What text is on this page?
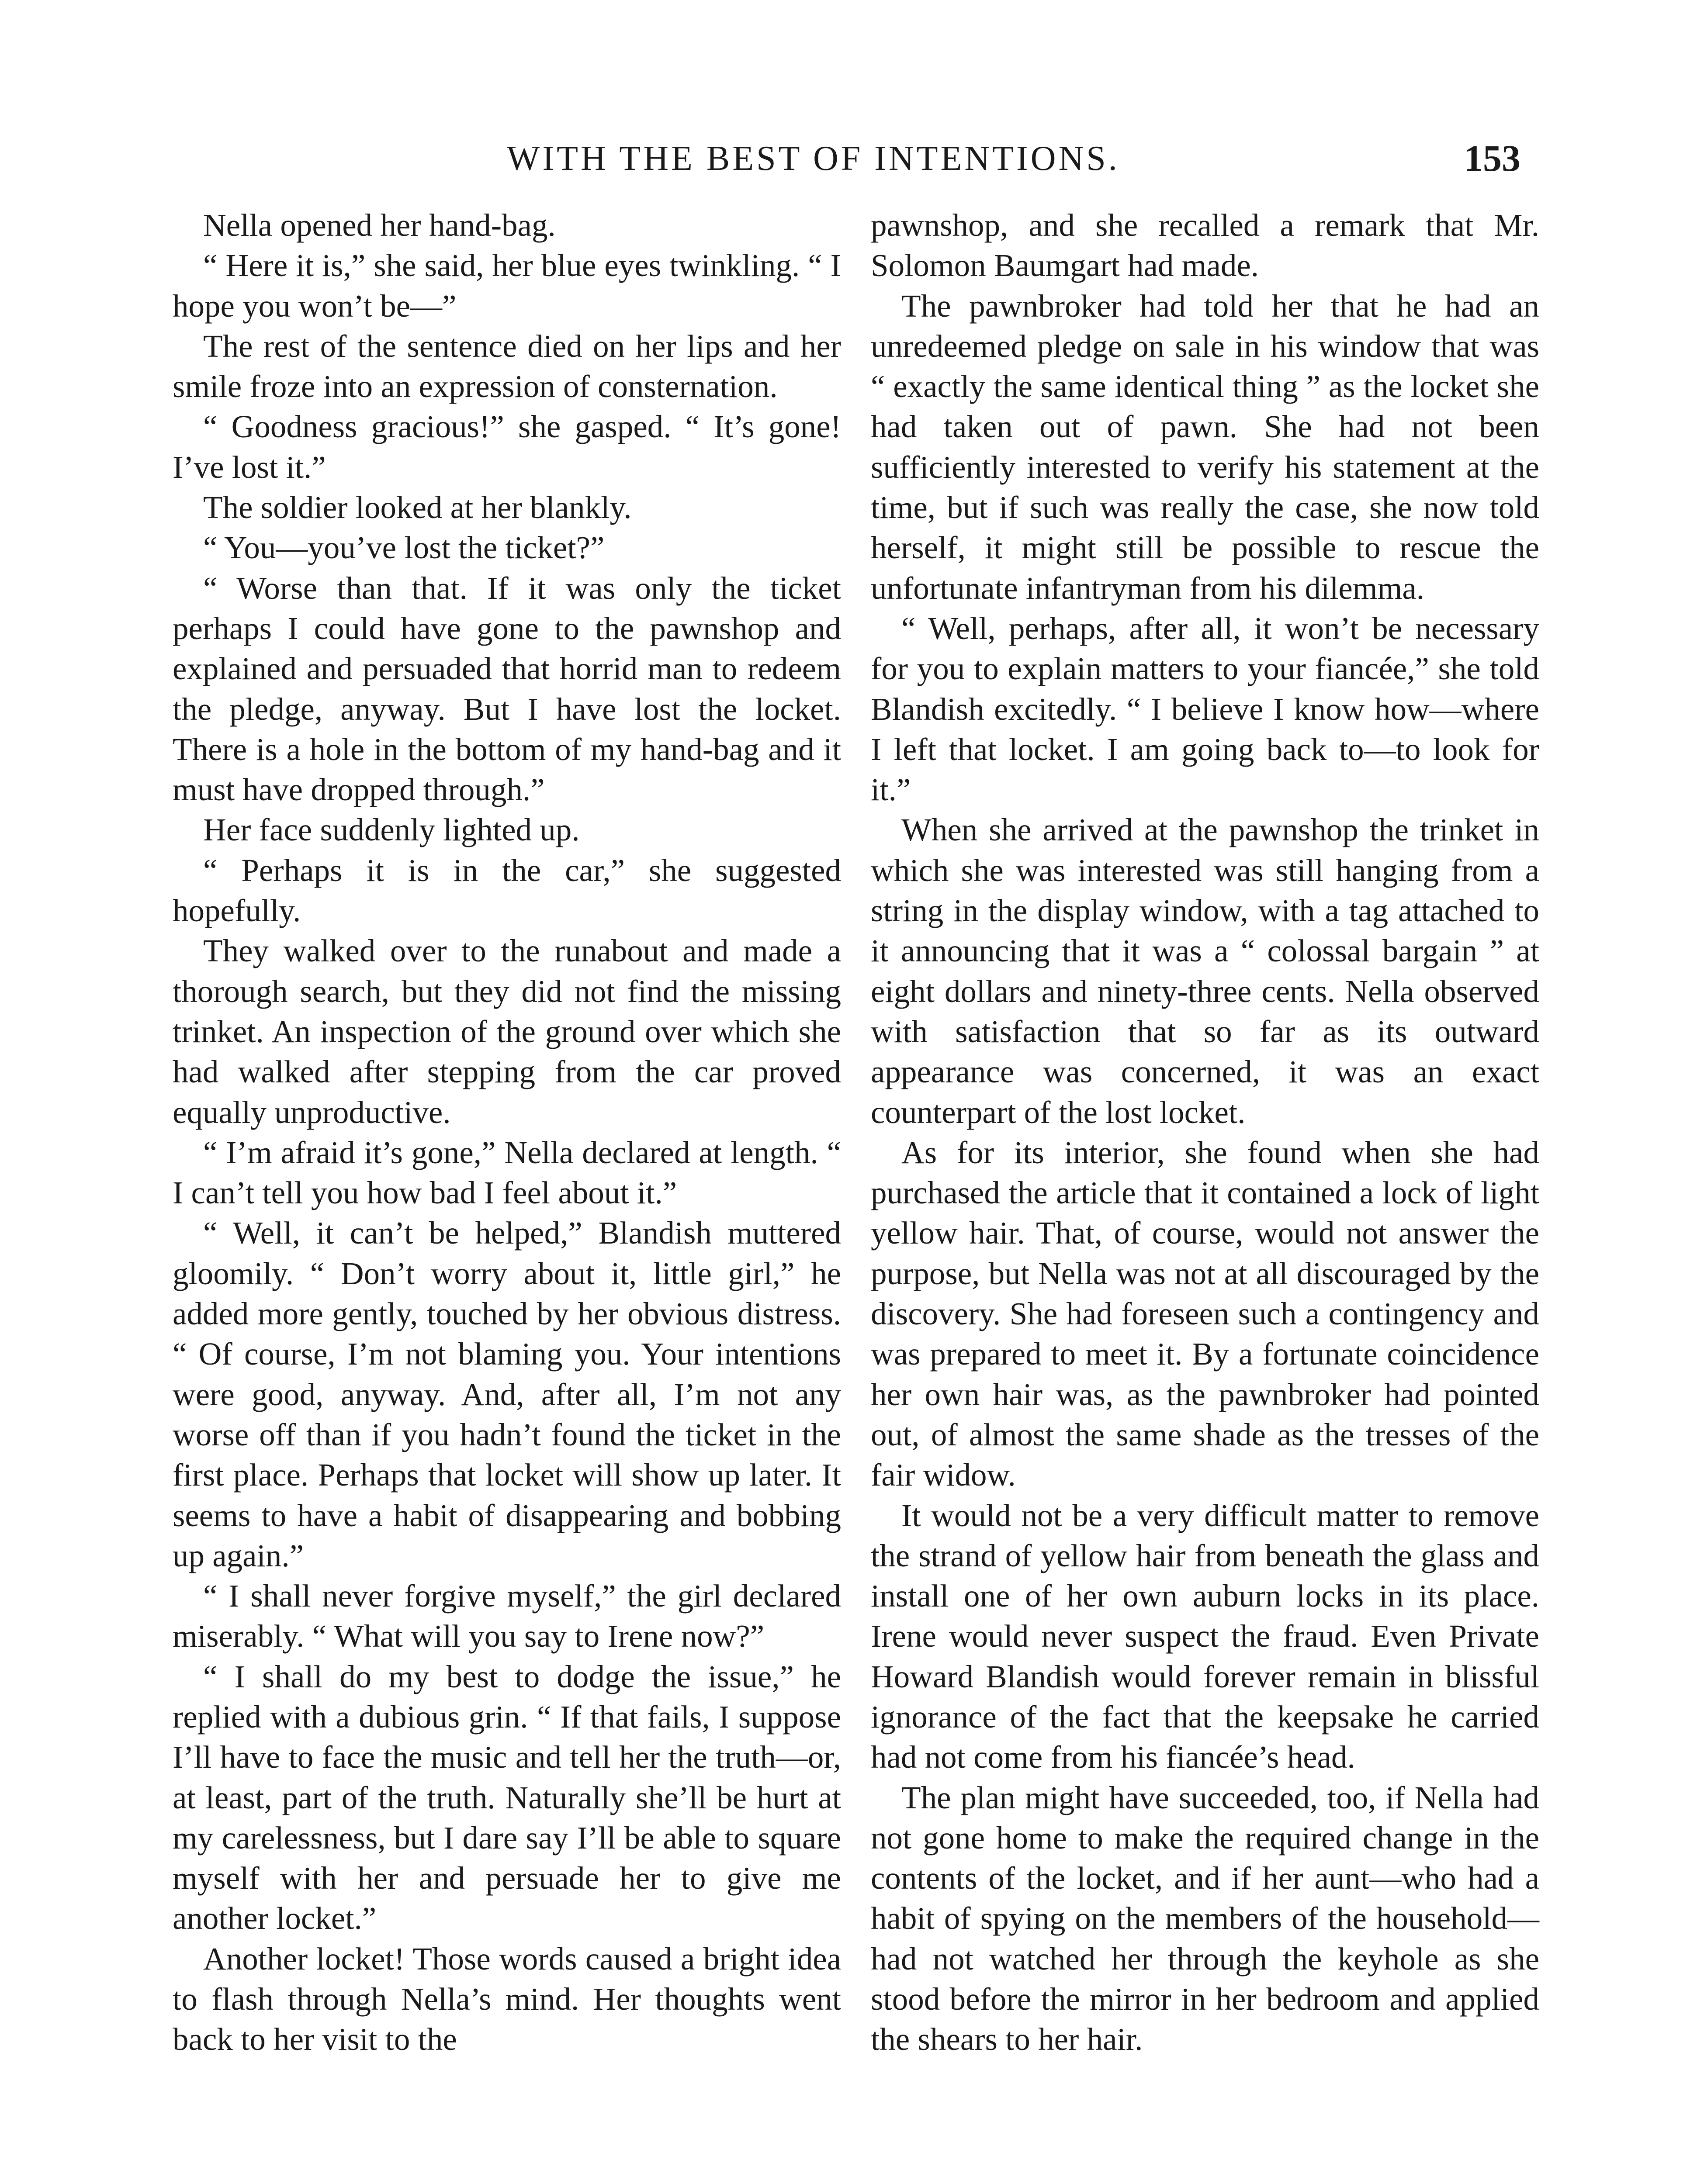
WITH THE BEST OF INTENTIONS.	153

Nella opened her hand-bag.

“ Here it is,” she said, her blue eyes twinkling. “ I hope you won’t be—”

The rest of the sentence died on her lips and her smile froze into an expression of consternation.

“ Goodness gracious!” she gasped. “ It’s gone! I’ve lost it.”

The soldier looked at her blankly.

“ You—you’ve lost the ticket?”

“ Worse than that. If it was only the ticket perhaps I could have gone to the pawnshop and explained and persuaded that horrid man to redeem the pledge, anyway. But I have lost the locket. There is a hole in the bottom of my hand-bag and it must have dropped through.”

Her face suddenly lighted up.

“ Perhaps it is in the car,” she suggested hopefully.

They walked over to the runabout and made a thorough search, but they did not find the missing trinket. An inspection of the ground over which she had walked after stepping from the car proved equally unproductive.

“ I’m afraid it’s gone,” Nella declared at length. “ I can’t tell you how bad I feel about it.”

“ Well, it can’t be helped,” Blandish muttered gloomily. “ Don’t worry about it, little girl,” he added more gently, touched by her obvious distress. “ Of course, I’m not blaming you. Your intentions were good, anyway. And, after all, I’m not any worse off than if you hadn’t found the ticket in the first place. Perhaps that locket will show up later. It seems to have a habit of disappearing and bobbing up again.”

“ I shall never forgive myself,” the girl declared miserably. “ What will you say to Irene now?”

“ I shall do my best to dodge the issue,” he replied with a dubious grin. “ If that fails, I suppose I’ll have to face the music and tell her the truth—or, at least, part of the truth. Naturally she’ll be hurt at my carelessness, but I dare say I’ll be able to square myself with her and persuade her to give me another locket.”

Another locket! Those words caused a bright idea to flash through Nella’s mind. Her thoughts went back to her visit to the

pawnshop, and she recalled a remark that Mr. Solomon Baumgart had made.

The pawnbroker had told her that he had an unredeemed pledge on sale in his window that was “ exactly the same identical thing ” as the locket she had taken out of pawn. She had not been sufficiently interested to verify his statement at the time, but if such was really the case, she now told herself, it might still be possible to rescue the unfortunate infantryman from his dilemma.

“ Well, perhaps, after all, it won’t be necessary for you to explain matters to your fiancée,” she told Blandish excitedly. “ I believe I know how—where I left that locket. I am going back to—to look for it.”

When she arrived at the pawnshop the trinket in which she was interested was still hanging from a string in the display window, with a tag attached to it announcing that it was a “ colossal bargain ” at eight dollars and ninety-three cents. Nella observed with satisfaction that so far as its outward appearance was concerned, it was an exact counterpart of the lost locket.

As for its interior, she found when she had purchased the article that it contained a lock of light yellow hair. That, of course, would not answer the purpose, but Nella was not at all discouraged by the discovery. She had foreseen such a contingency and was prepared to meet it. By a fortunate coincidence her own hair was, as the pawnbroker had pointed out, of almost the same shade as the tresses of the fair widow.

It would not be a very difficult matter to remove the strand of yellow hair from beneath the glass and install one of her own auburn locks in its place. Irene would never suspect the fraud. Even Private Howard Blandish would forever remain in blissful ignorance of the fact that the keepsake he carried had not come from his fiancée’s head.

The plan might have succeeded, too, if Nella had not gone home to make the required change in the contents of the locket, and if her aunt—who had a habit of spying on the members of the household—had not watched her through the keyhole as she stood before the mirror in her bedroom and applied the shears to her hair.
